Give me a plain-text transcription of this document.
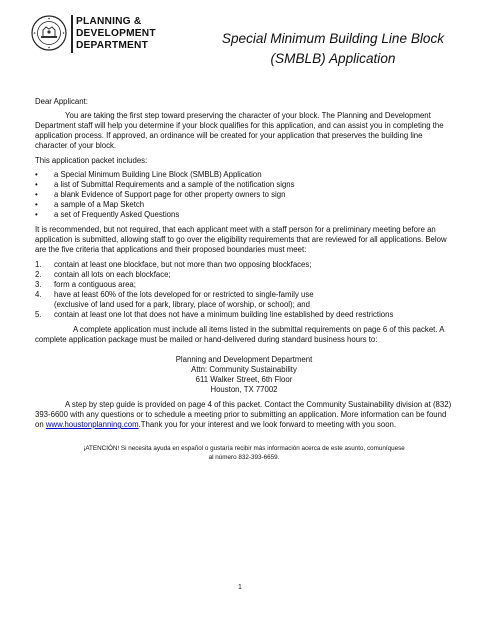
PLANNING &
DEVELOPMENT
DEPARTMENT	Special Minimum Building Line Block
(SMBLB) Application

Dear Applicant:

You are taking the first step toward preserving the character of your block. The Planning and Development Department staff will help you determine if your block qualifies for this application, and can assist you in completing the application process. If approved, an ordinance will be created for your application that preserves the building line character of your block.

This application packet includes:

• a Special Minimum Building Line Block (SMBLB) Application
• a list of Submittal Requirements and a sample of the notification signs
• a blank Evidence of Support page for other property owners to sign
• a sample of a Map Sketch
• a set of Frequently Asked Questions

It is recommended, but not required, that each applicant meet with a staff person for a preliminary meeting before an application is submitted, allowing staff to go over the eligibility requirements that are reviewed for all applications. Below are the five criteria that applications and their proposed boundaries must meet:

1. contain at least one blockface, but not more than two opposing blockfaces;
2. contain all lots on each blockface;
3. form a contiguous area;
4. have at least 60% of the lots developed for or restricted to single-family use
(exclusive of land used for a park, library, place of worship, or school); and
5. contain at least one lot that does not have a minimum building line established by deed restrictions

A complete application must include all items listed in the submittal requirements on page 6 of this packet. A complete application package must be mailed or hand-delivered during standard business hours to:

Planning and Development Department
Attn: Community Sustainability
611 Walker Street, 6th Floor
Houston, TX 77002

A step by step guide is provided on page 4 of this packet. Contact the Community Sustainability division at (832) 393-6600 with any questions or to schedule a meeting prior to submitting an application. More information can be found on www.houstonplanning.com.Thank you for your interest and we look forward to meeting with you soon.

¡ATENCIÓN! Si necesita ayuda en español o gustaría recibir más información acerca de este asunto, comuníquese
al número 832-393-6659.
1
